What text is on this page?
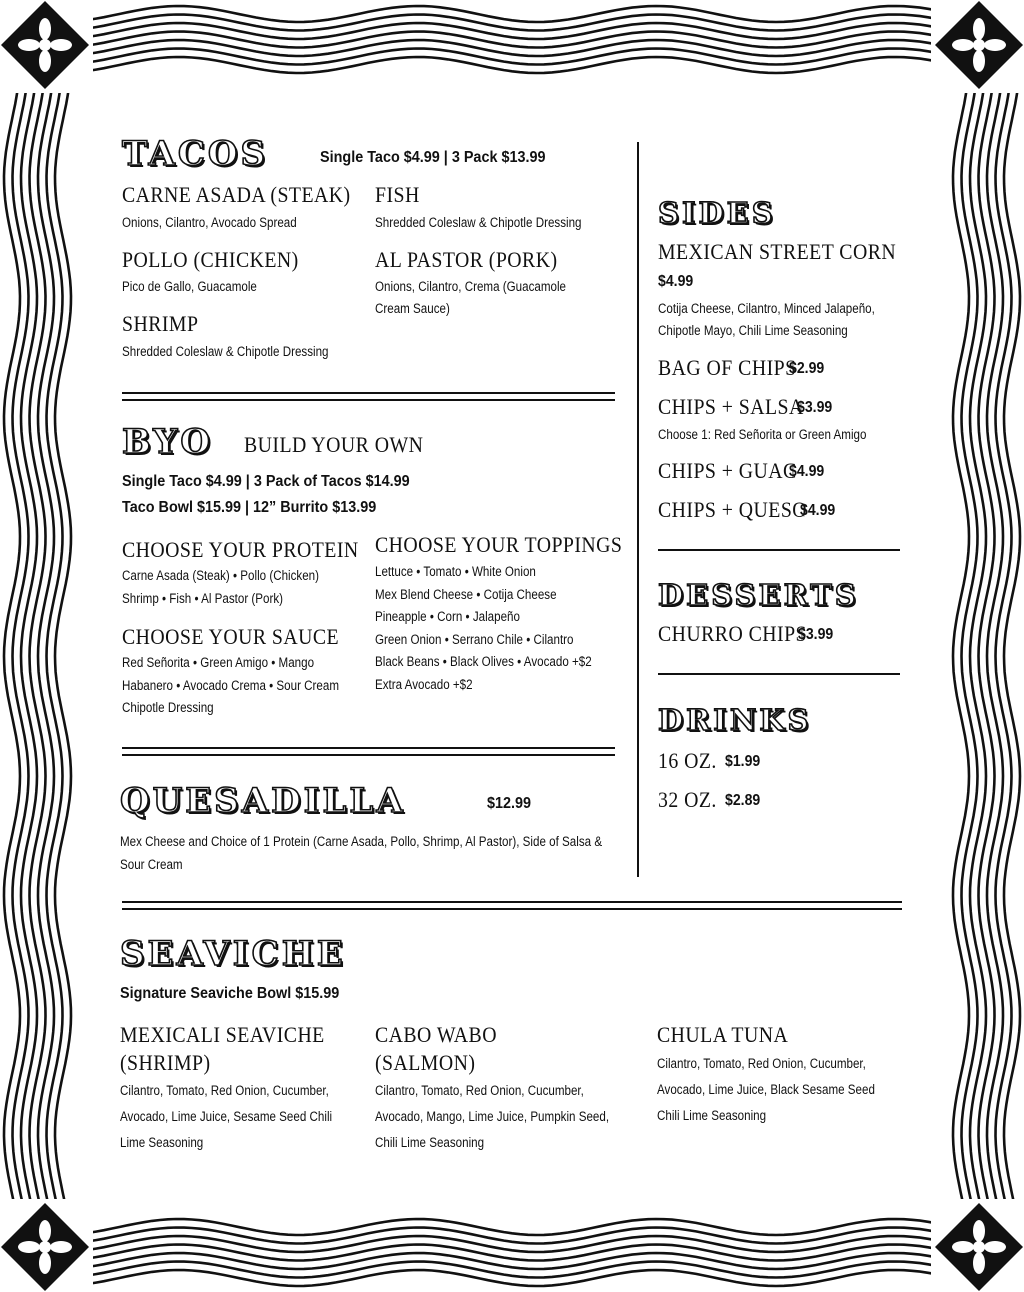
TACOS	Single Taco $4.99 | 3 Pack $13.99
CARNE ASADA (STEAK)
Onions, Cilantro, Avocado Spread
FISH
Shredded Coleslaw & Chipotle Dressing
POLLO (CHICKEN)
Pico de Gallo, Guacamole
AL PASTOR (PORK)
Onions, Cilantro, Crema (Guacamole
Cream Sauce)
SHRIMP
Shredded Coleslaw & Chipotle Dressing
BYO BUILD YOUR OWN
Single Taco $4.99 | 3 Pack of Tacos $14.99
Taco Bowl $15.99 | 12” Burrito $13.99
CHOOSE YOUR PROTEIN
Carne Asada (Steak) • Pollo (Chicken)
Shrimp • Fish • Al Pastor (Pork)
CHOOSE YOUR SAUCE
Red Señorita • Green Amigo • Mango
Habanero • Avocado Crema • Sour Cream
Chipotle Dressing
CHOOSE YOUR TOPPINGS
Lettuce • Tomato • White Onion
Mex Blend Cheese • Cotija Cheese
Pineapple • Corn • Jalapeño
Green Onion • Serrano Chile • Cilantro
Black Beans • Black Olives • Avocado +$2
Extra Avocado +$2
QUESADILLA	$12.99
Mex Cheese and Choice of 1 Protein (Carne Asada, Pollo, Shrimp, Al Pastor), Side of Salsa &
Sour Cream
SIDES
MEXICAN STREET CORN
$4.99
Cotija Cheese, Cilantro, Minced Jalapeño,
Chipotle Mayo, Chili Lime Seasoning
BAG OF CHIPS
$2.99
CHIPS + SALSA
$3.99
Choose 1: Red Señorita or Green Amigo
CHIPS + GUAC
$4.99
CHIPS + QUESO
$4.99
DESSERTS
CHURRO CHIPS
$3.99
DRINKS
16 OZ. $1.99
32 OZ. $2.89
SEAVICHE
Signature Seaviche Bowl $15.99
MEXICALI SEAVICHE
(SHRIMP)
Cilantro, Tomato, Red Onion, Cucumber,
Avocado, Lime Juice, Sesame Seed Chili
Lime Seasoning
CABO WABO
(SALMON)
Cilantro, Tomato, Red Onion, Cucumber,
Avocado, Mango, Lime Juice, Pumpkin Seed,
Chili Lime Seasoning
CHULA TUNA
Cilantro, Tomato, Red Onion, Cucumber,
Avocado, Lime Juice, Black Sesame Seed
Chili Lime Seasoning
